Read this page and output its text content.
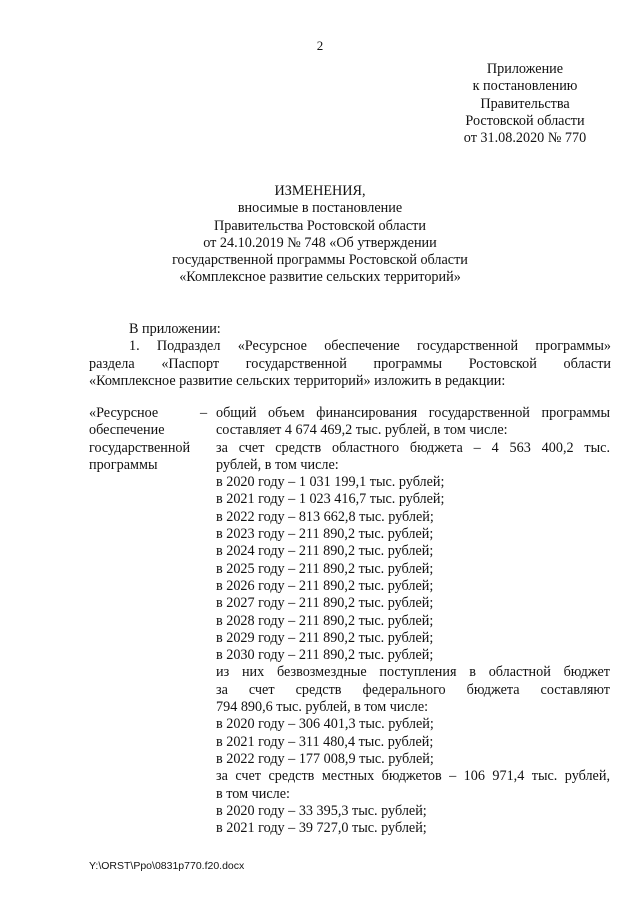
2
Приложение
к постановлению
Правительства
Ростовской области
от 31.08.2020 № 770
ИЗМЕНЕНИЯ,
вносимые в постановление
Правительства Ростовской области
от 24.10.2019 № 748 «Об утверждении
государственной программы Ростовской области
«Комплексное развитие сельских территорий»
В приложении:
1. Подраздел «Ресурсное обеспечение государственной программы»
раздела «Паспорт государственной программы Ростовской области
«Комплексное развитие сельских территорий» изложить в редакции:
«Ресурсное
обеспечение
государственной
программы
– общий объем финансирования государственной программы
составляет 4 674 469,2 тыс. рублей, в том числе:
за счет средств областного бюджета – 4 563 400,2 тыс.
рублей, в том числе:
в 2020 году – 1 031 199,1 тыс. рублей;
в 2021 году – 1 023 416,7 тыс. рублей;
в 2022 году – 813 662,8 тыс. рублей;
в 2023 году – 211 890,2 тыс. рублей;
в 2024 году – 211 890,2 тыс. рублей;
в 2025 году – 211 890,2 тыс. рублей;
в 2026 году – 211 890,2 тыс. рублей;
в 2027 году – 211 890,2 тыс. рублей;
в 2028 году – 211 890,2 тыс. рублей;
в 2029 году – 211 890,2 тыс. рублей;
в 2030 году – 211 890,2 тыс. рублей;
из них безвозмездные поступления в областной бюджет
за счет средств федерального бюджета составляют
794 890,6 тыс. рублей, в том числе:
в 2020 году – 306 401,3 тыс. рублей;
в 2021 году – 311 480,4 тыс. рублей;
в 2022 году – 177 008,9 тыс. рублей;
за счет средств местных бюджетов – 106 971,4 тыс. рублей,
в том числе:
в 2020 году – 33 395,3 тыс. рублей;
в 2021 году – 39 727,0 тыс. рублей;
Y:\ORST\Ppo\0831p770.f20.docx
